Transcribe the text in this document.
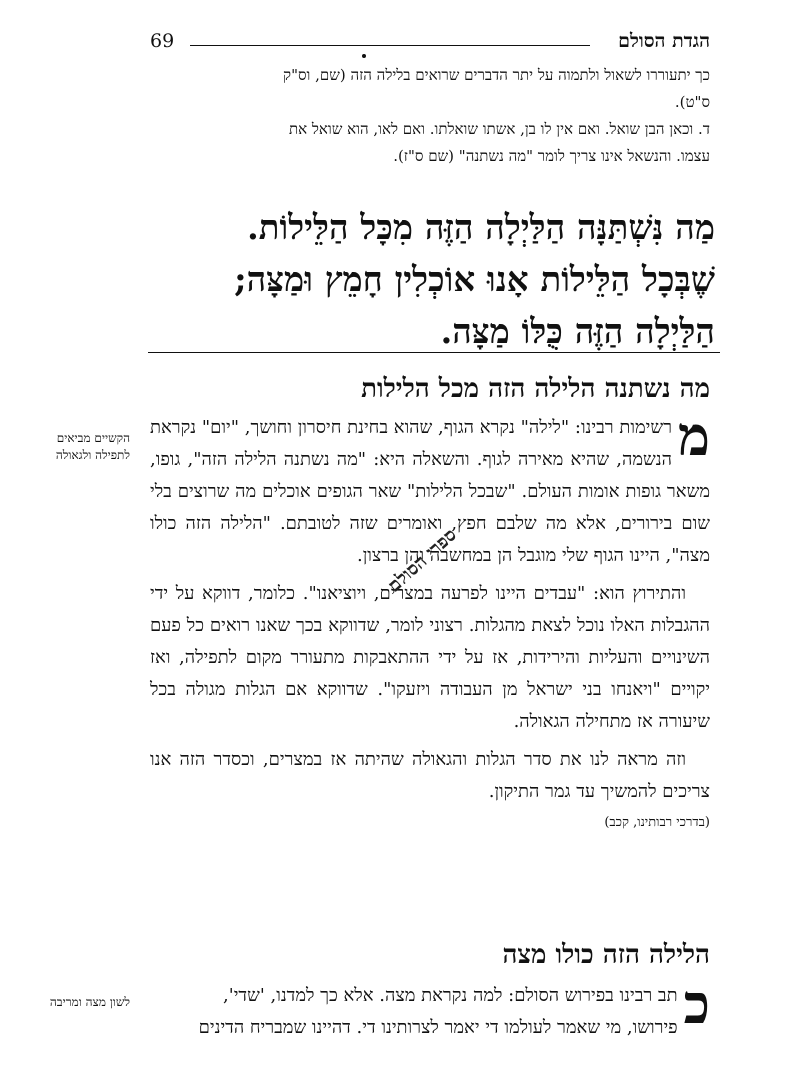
69	הגדת הסולם
כך יתעוררו לשאול ולתמוה על יתר הדברים שרואים בלילה הזה (שם, וס"ק
ס"ט).
ד. וכאן הבן שואל. ואם אין לו בן, אשתו שואלתו. ואם לאו, הוא שואל את
עצמו. והנשאל אינו צריך לומר "מה נשתנה" (שם ס"ז).
מַה נִּשְׁתַּנָּה הַלַּיְלָה הַזֶּה מִכָּל הַלֵּילוֹת.
שֶׁבְּכָל הַלֵּילוֹת אָנוּ אוֹכְלִין חָמֵץ וּמַצָּה;
הַלַּיְלָה הַזֶּה כֻּלּוֹ מַצָּה.
מה נשתנה הלילה הזה מכל הלילות
מ
רשימות רבינו: "לילה" נקרא הגוף, שהוא בחינת חיסרון וחושך, "יום" נקראת הנשמה, שהיא מאירה לגוף. והשאלה היא: "מה נשתנה הלילה הזה", גופו, משאר גופות אומות העולם. "שבכל הלילות" שאר הגופים אוכלים מה שרוצים בלי שום בירורים, אלא מה שלבם חפץ, ואומרים שזה לטובתם. "הלילה הזה כולו מצה", היינו הגוף שלי מוגבל הן במחשבה והן ברצון.
והתירוץ הוא: "עבדים היינו לפרעה במצרים, ויוציאנו". כלומר, דווקא על ידי ההגבלות האלו נוכל לצאת מהגלות. רצוני לומר, שדווקא בכך שאנו רואים כל פעם השינויים והעליות והירידות, אז על ידי ההתאבקות מתעורר מקום לתפילה, ואז יקויים "ויאנחו בני ישראל מן העבודה ויזעקו". שדווקא אם הגלות מגולה בכל שיעורה אז מתחילה הגאולה.
וזה מראה לנו את סדר הגלות והגאולה שהיתה אז במצרים, וכסדר הזה אנו צריכים להמשיך עד גמר התיקון.
(בדרכי רבותינו, קכב)
הלילה הזה כולו מצה
כ
תב רבינו בפירוש הסולם: למה נקראת מצה. אלא כך למדנו, 'שדי',
פירושו, מי שאמר לעולמו די יאמר לצרותינו די. דהיינו שמבריח הדינים
הקשיים מביאים
לתפילה ולגאולה
לשון מצה ומריבה
ספרי הסולם
